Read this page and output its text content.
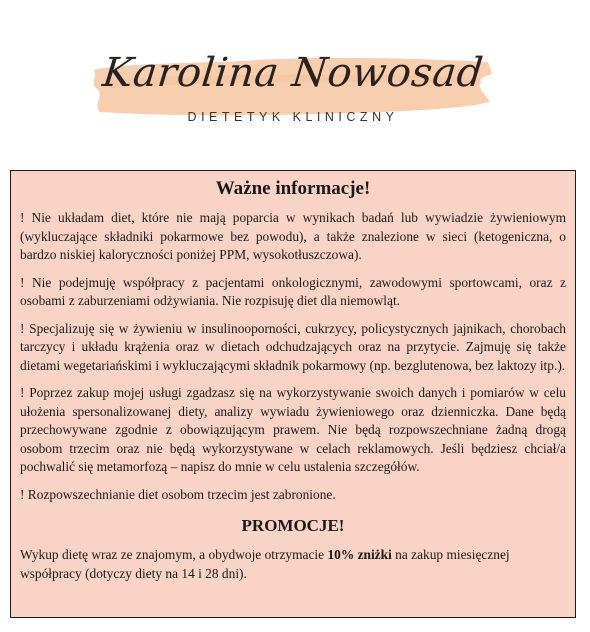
Karolina Nowosad
DIETETYK KLINICZNY
Ważne informacje!

! Nie układam diet, które nie mają poparcia w wynikach badań lub wywiadzie żywieniowym (wykluczające składniki pokarmowe bez powodu), a także znalezione w sieci (ketogeniczna, o bardzo niskiej kaloryczności poniżej PPM, wysokotłuszczowa).

! Nie podejmuję współpracy z pacjentami onkologicznymi, zawodowymi sportowcami, oraz z osobami z zaburzeniami odżywiania. Nie rozpisuję diet dla niemowląt.

! Specjalizuję się w żywieniu w insulinooporności, cukrzycy, policystycznych jajnikach, chorobach tarczycy i układu krążenia oraz w dietach odchudzających oraz na przytycie. Zajmuję się także dietami wegetariańskimi i wykluczającymi składnik pokarmowy (np. bezglutenowa, bez laktozy itp.).

! Poprzez zakup mojej usługi zgadzasz się na wykorzystywanie swoich danych i pomiarów w celu ułożenia spersonalizowanej diety, analizy wywiadu żywieniowego oraz dzienniczka. Dane będą przechowywane zgodnie z obowiązującym prawem. Nie będą rozpowszechniane żadną drogą osobom trzecim oraz nie będą wykorzystywane w celach reklamowych. Jeśli będziesz chciał/a pochwalić się metamorfozą – napisz do mnie w celu ustalenia szczegółów.

! Rozpowszechnianie diet osobom trzecim jest zabronione.

PROMOCJE!

Wykup dietę wraz ze znajomym, a obydwoje otrzymacie 10% zniżki na zakup miesięcznej współpracy (dotyczy diety na 14 i 28 dni).
